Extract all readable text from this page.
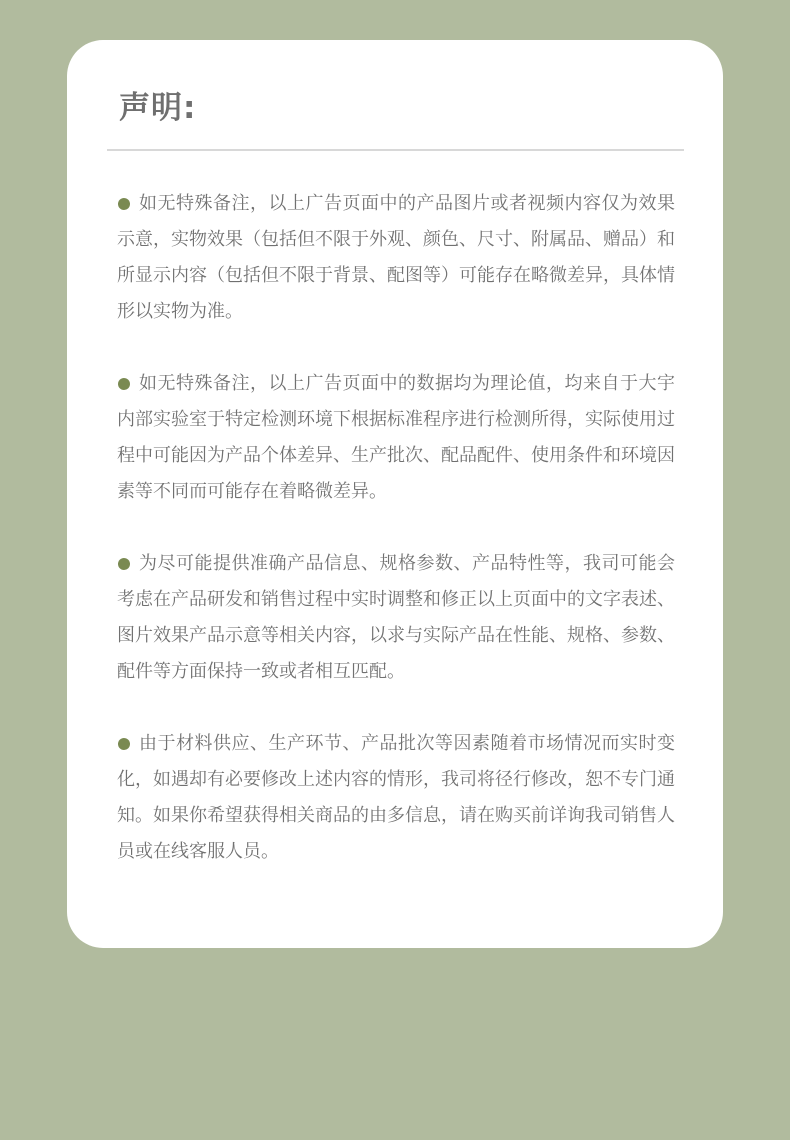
声明:
如无特殊备注，以上广告页面中的产品图片或者视频内容仅为效果示意，实物效果（包括但不限于外观、颜色、尺寸、附属品、赠品）和所显示内容（包括但不限于背景、配图等）可能存在略微差异，具体情形以实物为准。
如无特殊备注，以上广告页面中的数据均为理论值，均来自于大宇内部实验室于特定检测环境下根据标准程序进行检测所得，实际使用过程中可能因为产品个体差异、生产批次、配品配件、使用条件和环境因素等不同而可能存在着略微差异。
为尽可能提供准确产品信息、规格参数、产品特性等，我司可能会考虑在产品研发和销售过程中实时调整和修正以上页面中的文字表述、图片效果产品示意等相关内容，以求与实际产品在性能、规格、参数、配件等方面保持一致或者相互匹配。
由于材料供应、生产环节、产品批次等因素随着市场情况而实时变化，如遇却有必要修改上述内容的情形，我司将径行修改，恕不专门通知。如果你希望获得相关商品的由多信息，请在购买前详询我司销售人员或在线客服人员。
